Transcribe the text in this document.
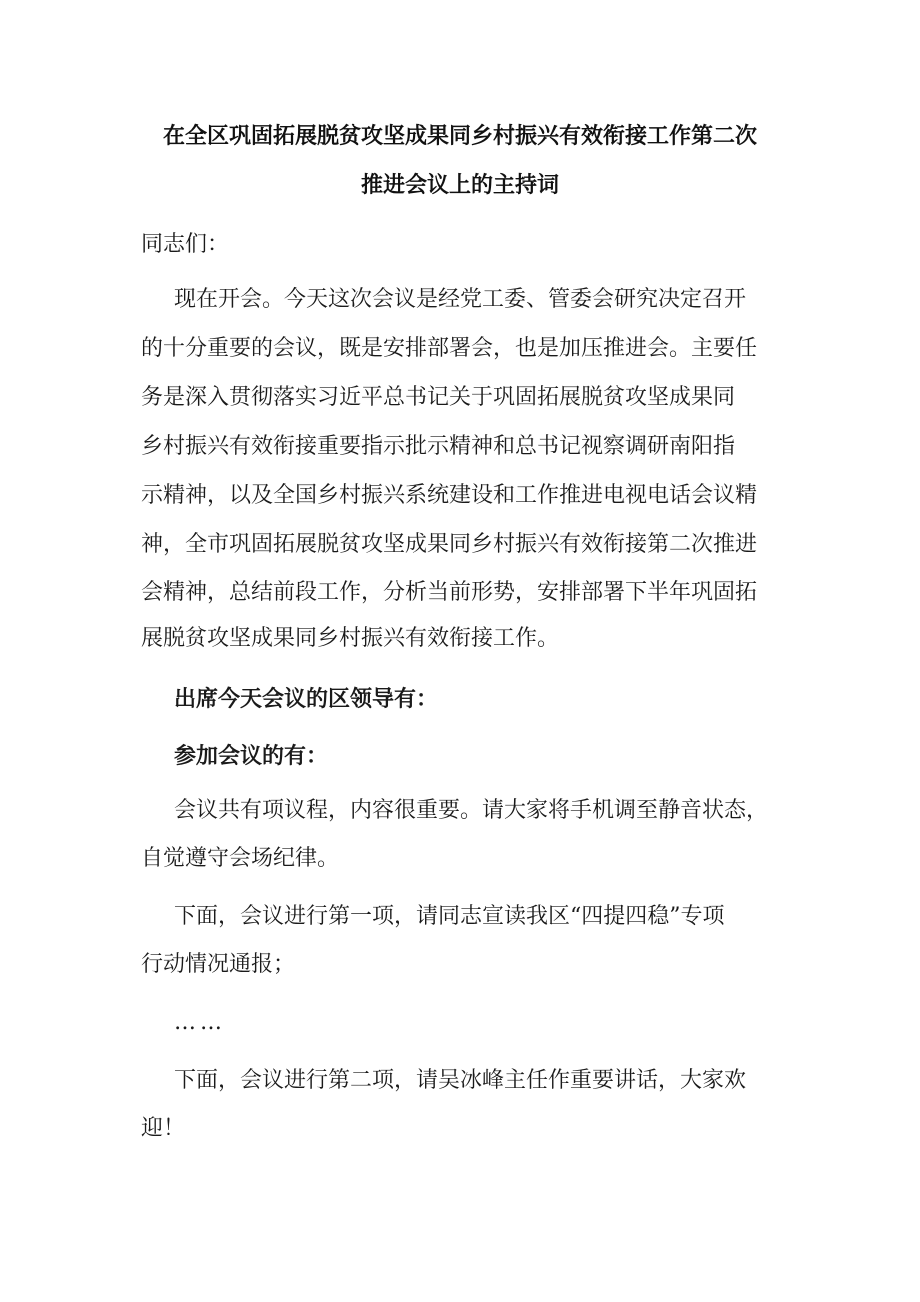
在全区巩固拓展脱贫攻坚成果同乡村振兴有效衔接工作第二次
推进会议上的主持词
同志们：
现在开会。今天这次会议是经党工委、管委会研究决定召开
的十分重要的会议，既是安排部署会，也是加压推进会。主要任
务是深入贯彻落实习近平总书记关于巩固拓展脱贫攻坚成果同
乡村振兴有效衔接重要指示批示精神和总书记视察调研南阳指
示精神，以及全国乡村振兴系统建设和工作推进电视电话会议精
神，全市巩固拓展脱贫攻坚成果同乡村振兴有效衔接第二次推进
会精神，总结前段工作，分析当前形势，安排部署下半年巩固拓
展脱贫攻坚成果同乡村振兴有效衔接工作。
出席今天会议的区领导有：
参加会议的有：
会议共有项议程，内容很重要。请大家将手机调至静音状态，
自觉遵守会场纪律。
下面，会议进行第一项，请同志宣读我区“四提四稳”专项
行动情况通报；
……
下面，会议进行第二项，请吴冰峰主任作重要讲话，大家欢
迎！
